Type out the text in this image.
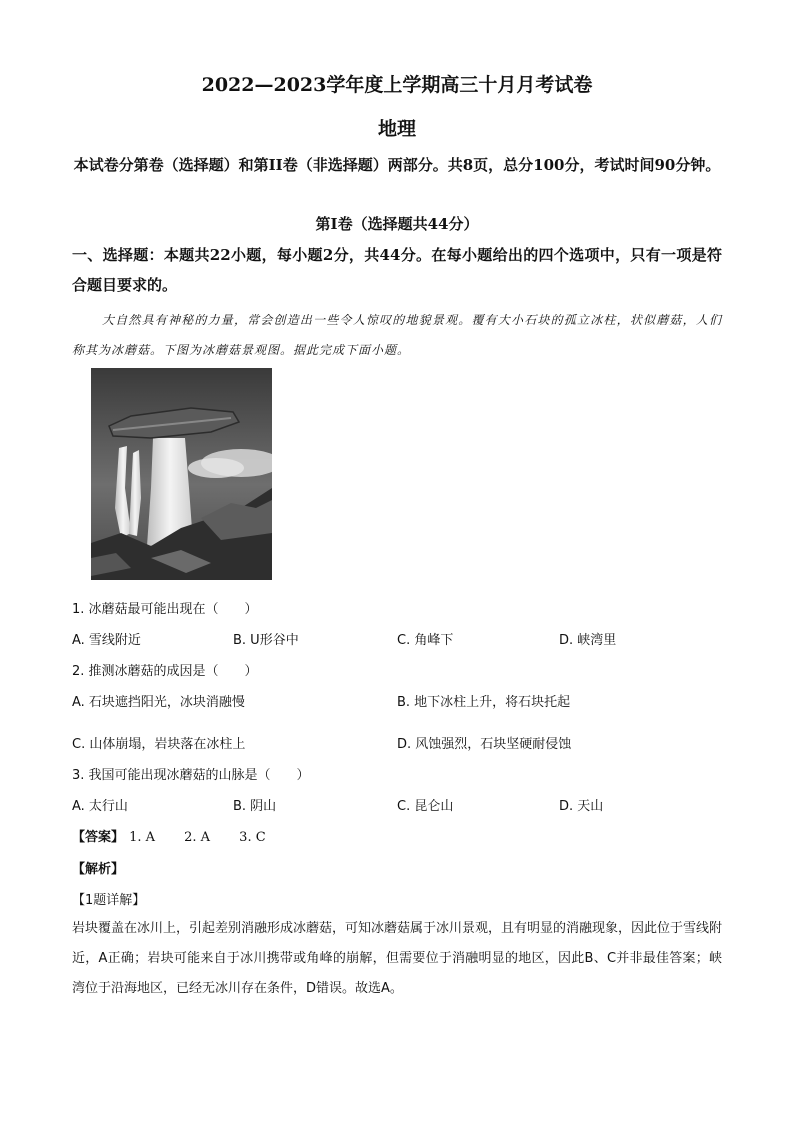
2022—2023学年度上学期高三十月月考试卷
地理
本试卷分第卷（选择题）和第II卷（非选择题）两部分。共8页，总分100分，考试时间90分钟。
第I卷（选择题共44分）
一、选择题：本题共22小题，每小题2分，共44分。在每小题给出的四个选项中，只有一项是符合题目要求的。
大自然具有神秘的力量，常会创造出一些令人惊叹的地貌景观。覆有大小石块的孤立冰柱，状似蘑菇，人们称其为冰蘑菇。下图为冰蘑菇景观图。据此完成下面小题。
1. 冰蘑菇最可能出现在（　　）
A. 雪线附近	B. U形谷中	C. 角峰下	D. 峡湾里
2. 推测冰蘑菇的成因是（　　）
A. 石块遮挡阳光，冰块消融慢	B. 地下冰柱上升，将石块托起
C. 山体崩塌，岩块落在冰柱上	D. 风蚀强烈，石块坚硬耐侵蚀
3. 我国可能出现冰蘑菇的山脉是（　　）
A. 太行山	B. 阴山	C. 昆仑山	D. 天山
【答案】 1. A 2. A 3. C
【解析】
【1题详解】
岩块覆盖在冰川上，引起差别消融形成冰蘑菇，可知冰蘑菇属于冰川景观，且有明显的消融现象，因此位于雪线附近，A正确；岩块可能来自于冰川携带或角峰的崩解，但需要位于消融明显的地区，因此B、C并非最佳答案；峡湾位于沿海地区，已经无冰川存在条件，D错误。故选A。
